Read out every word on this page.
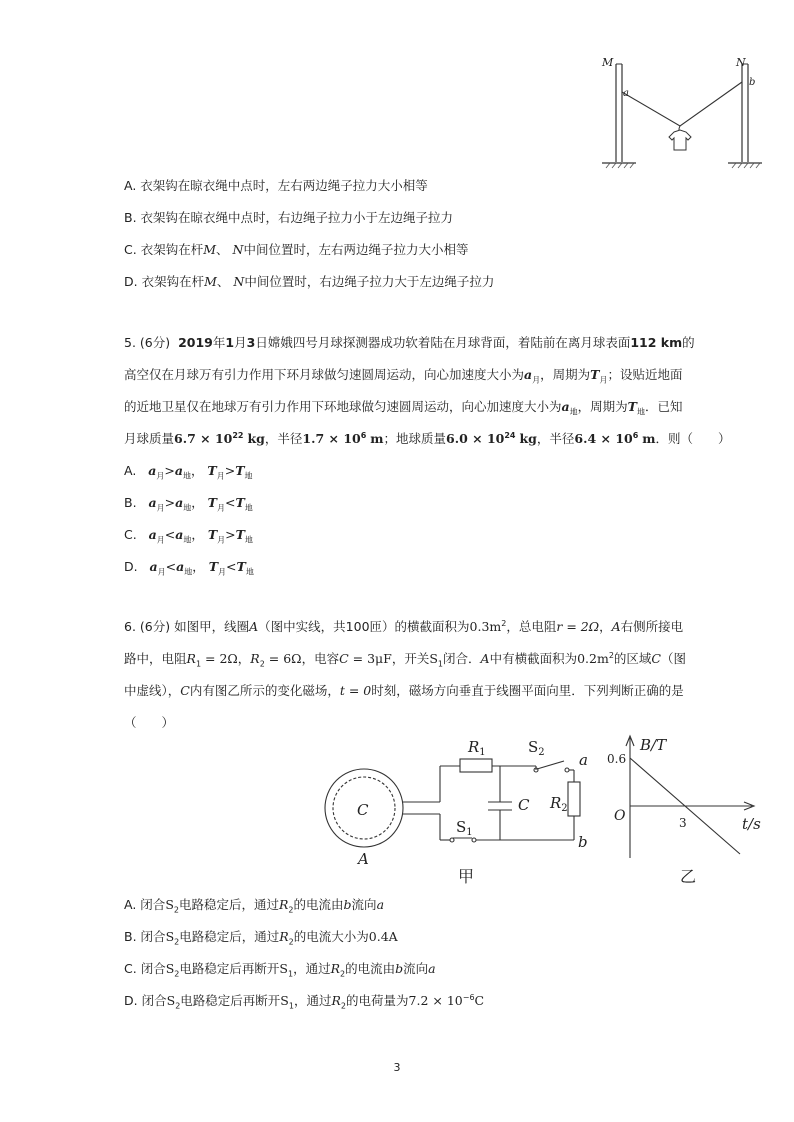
M	N
a
b
A. 衣架钩在晾衣绳中点时，左右两边绳子拉力大小相等
B. 衣架钩在晾衣绳中点时，右边绳子拉力小于左边绳子拉力
C. 衣架钩在杆M、 N中间位置时，左右两边绳子拉力大小相等
D. 衣架钩在杆M、 N中间位置时，右边绳子拉力大于左边绳子拉力
5. (6分) 2019年1月3日嫦娥四号月球探测器成功软着陆在月球背面，着陆前在离月球表面112 km的
高空仅在月球万有引力作用下环月球做匀速圆周运动，向心加速度大小为$a_月$，周期为$T_月$；设贴近地面
的近地卫星仅在地球万有引力作用下环地球做匀速圆周运动，向心加速度大小为$a_地$，周期为$T_地$．已知
月球质量$6.7 \times 10^{22}$ kg，半径$1.7 \times 10^6$ m；地球质量$6.0 \times 10^{24}$ kg，半径$6.4 \times 10^6$ m．则（　　）
A. $a_月>a_地$， $T_月>T_地$
B. $a_月>a_地$， $T_月<T_地$
C. $a_月<a_地$， $T_月>T_地$
D. $a_月<a_地$， $T_月<T_地$
6. (6分) 如图甲，线圈A（图中实线，共100匝）的横截面积为$0.3m^2$，总电阻r = 2Ω，A右侧所接电
路中，电阻$R_1 = 2\Omega$，$R_2 = 6\Omega$，电容C = 3μF，开关$S_1$闭合．A中有横截面积为$0.2m^2$的区域C（图
中虚线），C内有图乙所示的变化磁场，t = 0时刻，磁场方向垂直于线圈平面向里．下列判断正确的是
（　　）
C
A
$R_1$	$S_2$ a
C $R_2$
$S_1$
b
甲
B/T
0.6
O	3	t/s
乙
A. 闭合$S_2$电路稳定后，通过$R_2$的电流由b流向a
B. 闭合$S_2$电路稳定后，通过$R_2$的电流大小为0.4A
C. 闭合$S_2$电路稳定后再断开$S_1$，通过$R_2$的电流由b流向a
D. 闭合$S_2$电路稳定后再断开$S_1$，通过$R_2$的电荷量为$7.2 \times 10^{-6}C$
3
